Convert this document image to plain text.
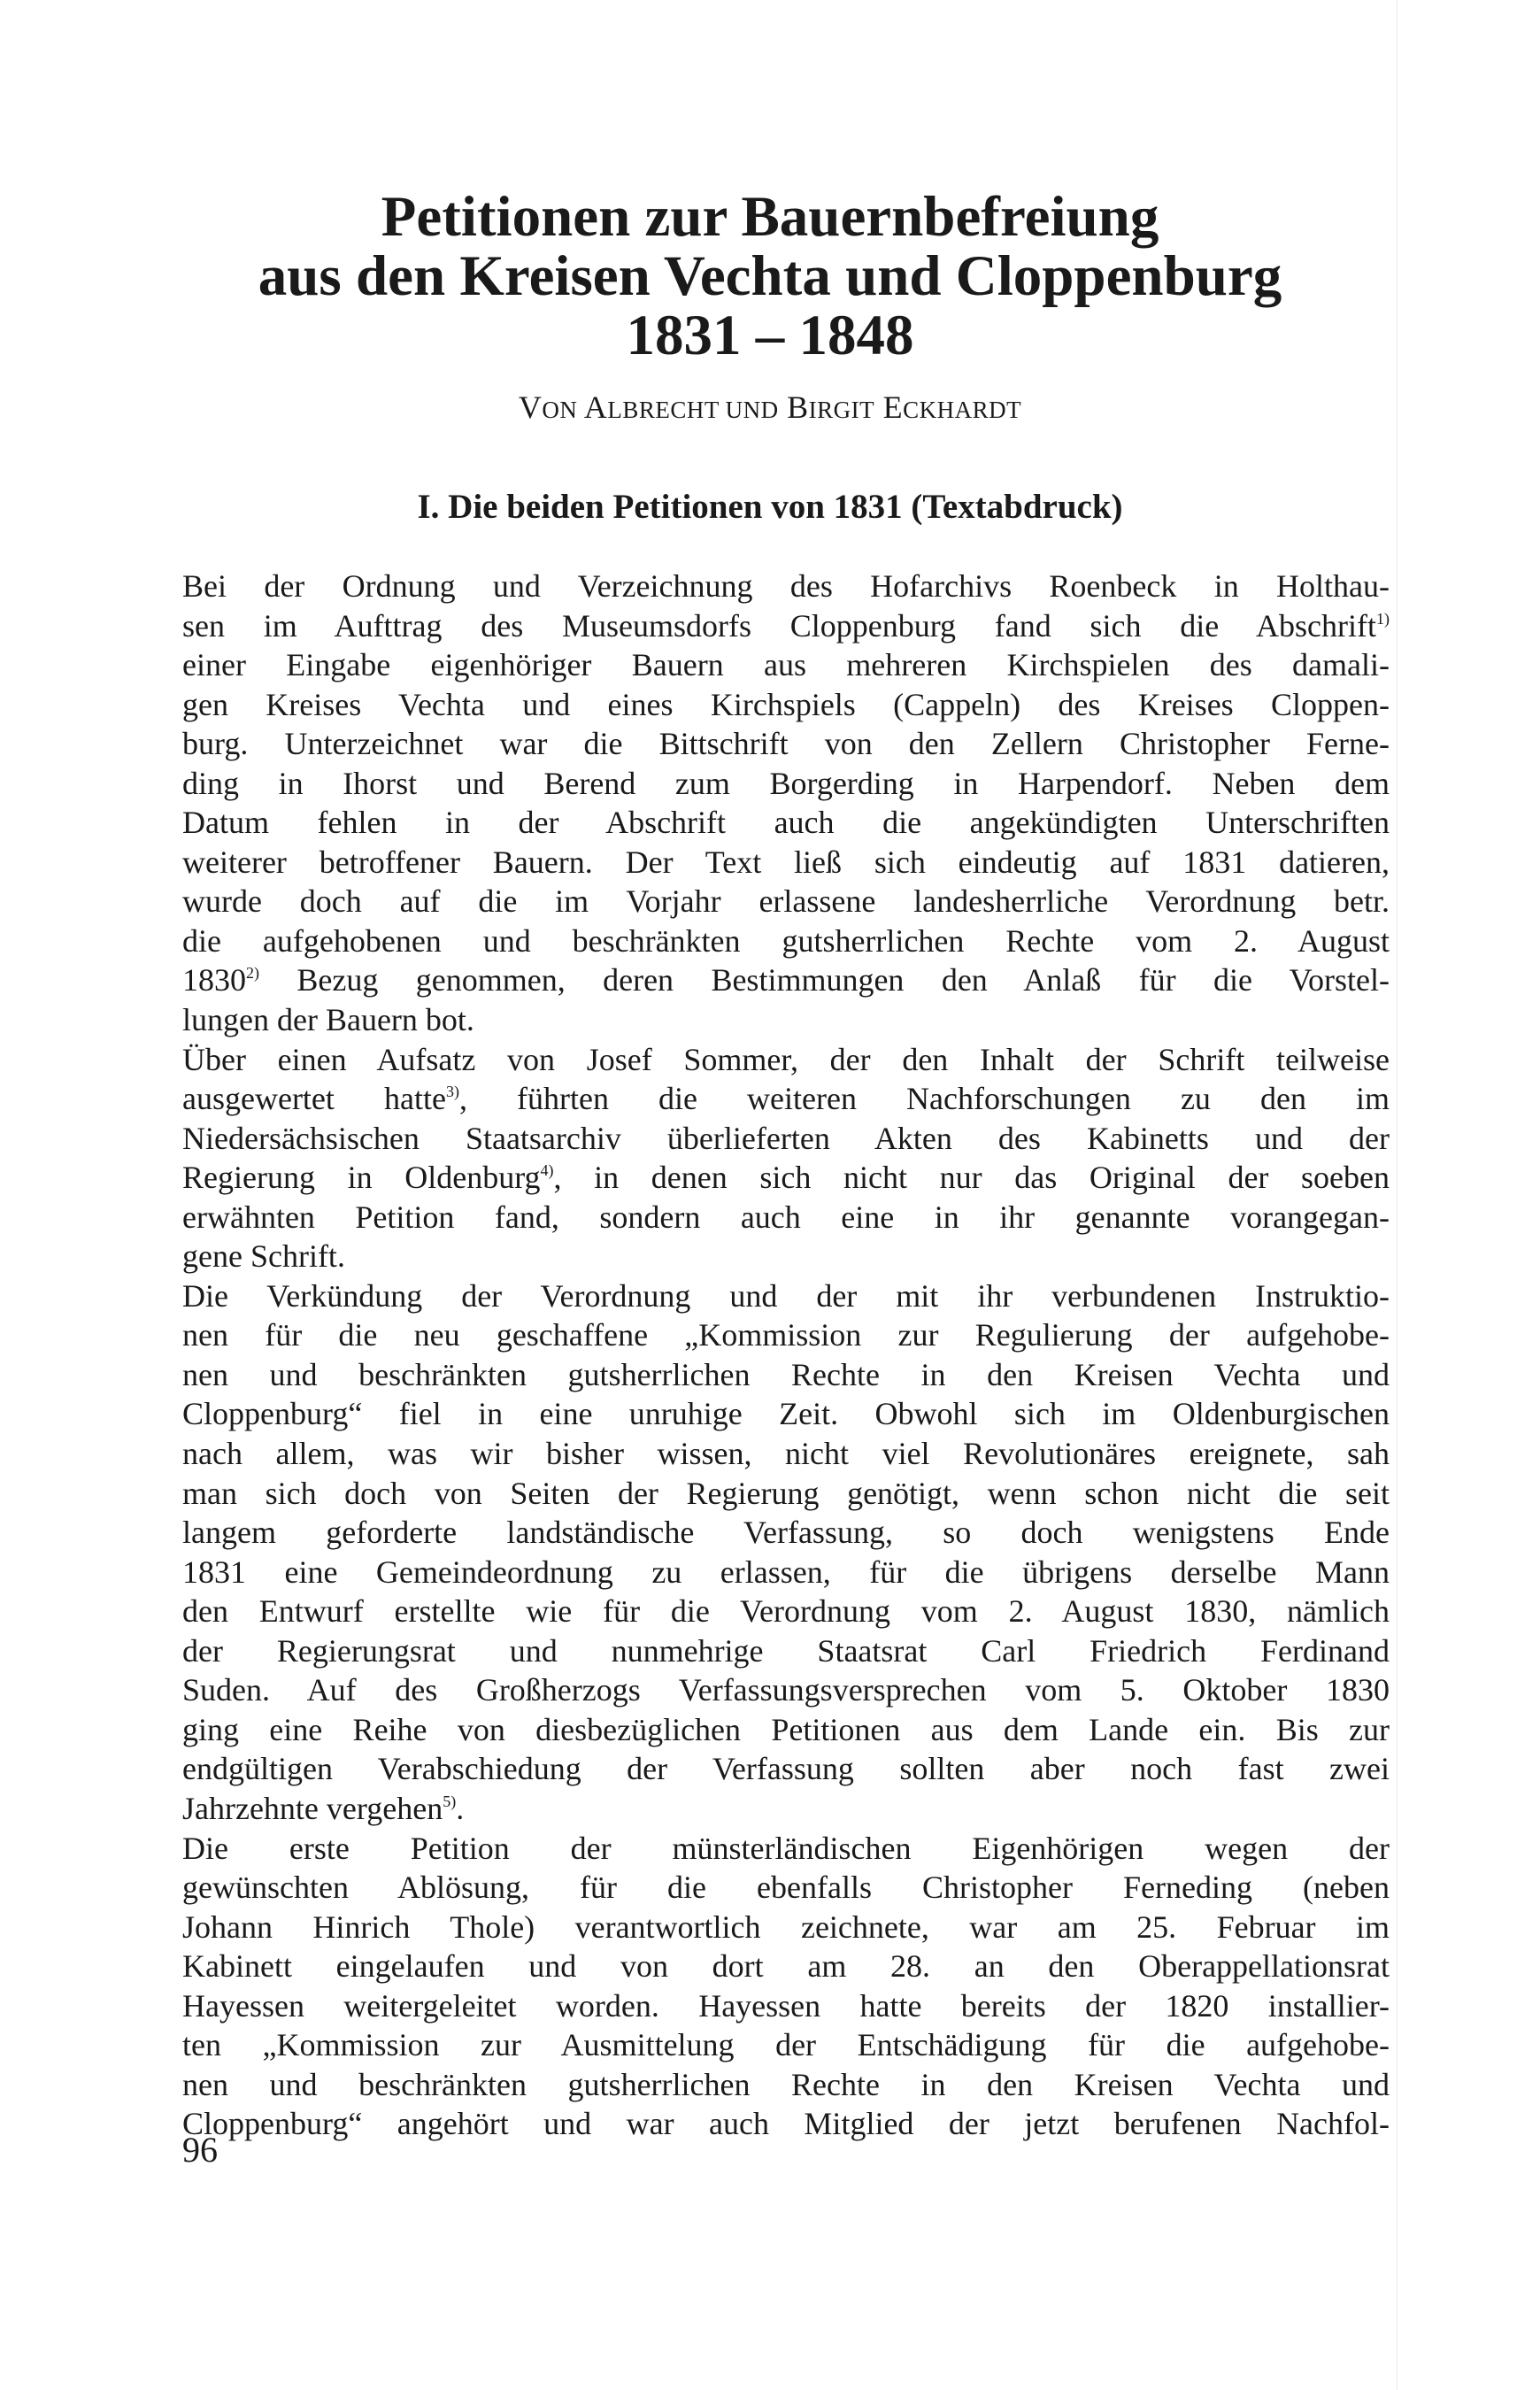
Petitionen zur Bauernbefreiung
aus den Kreisen Vechta und Cloppenburg
1831 – 1848
VON ALBRECHT UND BIRGIT ECKHARDT
I. Die beiden Petitionen von 1831 (Textabdruck)
Bei der Ordnung und Verzeichnung des Hofarchivs Roenbeck in Holthau-
sen im Aufttrag des Museumsdorfs Cloppenburg fand sich die Abschrift$^{1)}$
einer Eingabe eigenhöriger Bauern aus mehreren Kirchspielen des damali-
gen Kreises Vechta und eines Kirchspiels (Cappeln) des Kreises Cloppen-
burg. Unterzeichnet war die Bittschrift von den Zellern Christopher Ferne-
ding in Ihorst und Berend zum Borgerding in Harpendorf. Neben dem
Datum fehlen in der Abschrift auch die angekündigten Unterschriften
weiterer betroffener Bauern. Der Text ließ sich eindeutig auf 1831 datieren,
wurde doch auf die im Vorjahr erlassene landesherrliche Verordnung betr.
die aufgehobenen und beschränkten gutsherrlichen Rechte vom 2. August
1830$^{2)}$ Bezug genommen, deren Bestimmungen den Anlaß für die Vorstel-
lungen der Bauern bot.
Über einen Aufsatz von Josef Sommer, der den Inhalt der Schrift teilweise
ausgewertet hatte$^{3)}$, führten die weiteren Nachforschungen zu den im
Niedersächsischen Staatsarchiv überlieferten Akten des Kabinetts und der
Regierung in Oldenburg$^{4)}$, in denen sich nicht nur das Original der soeben
erwähnten Petition fand, sondern auch eine in ihr genannte vorangegan-
gene Schrift.
Die Verkündung der Verordnung und der mit ihr verbundenen Instruktio-
nen für die neu geschaffene „Kommission zur Regulierung der aufgehobe-
nen und beschränkten gutsherrlichen Rechte in den Kreisen Vechta und
Cloppenburg“ fiel in eine unruhige Zeit. Obwohl sich im Oldenburgischen
nach allem, was wir bisher wissen, nicht viel Revolutionäres ereignete, sah
man sich doch von Seiten der Regierung genötigt, wenn schon nicht die seit
langem geforderte landständische Verfassung, so doch wenigstens Ende
1831 eine Gemeindeordnung zu erlassen, für die übrigens derselbe Mann
den Entwurf erstellte wie für die Verordnung vom 2. August 1830, nämlich
der Regierungsrat und nunmehrige Staatsrat Carl Friedrich Ferdinand
Suden. Auf des Großherzogs Verfassungsversprechen vom 5. Oktober 1830
ging eine Reihe von diesbezüglichen Petitionen aus dem Lande ein. Bis zur
endgültigen Verabschiedung der Verfassung sollten aber noch fast zwei
Jahrzehnte vergehen$^{5)}$.
Die erste Petition der münsterländischen Eigenhörigen wegen der
gewünschten Ablösung, für die ebenfalls Christopher Ferneding (neben
Johann Hinrich Thole) verantwortlich zeichnete, war am 25. Februar im
Kabinett eingelaufen und von dort am 28. an den Oberappellationsrat
Hayessen weitergeleitet worden. Hayessen hatte bereits der 1820 installier-
ten „Kommission zur Ausmittelung der Entschädigung für die aufgehobe-
nen und beschränkten gutsherrlichen Rechte in den Kreisen Vechta und
Cloppenburg“ angehört und war auch Mitglied der jetzt berufenen Nachfol-
96
